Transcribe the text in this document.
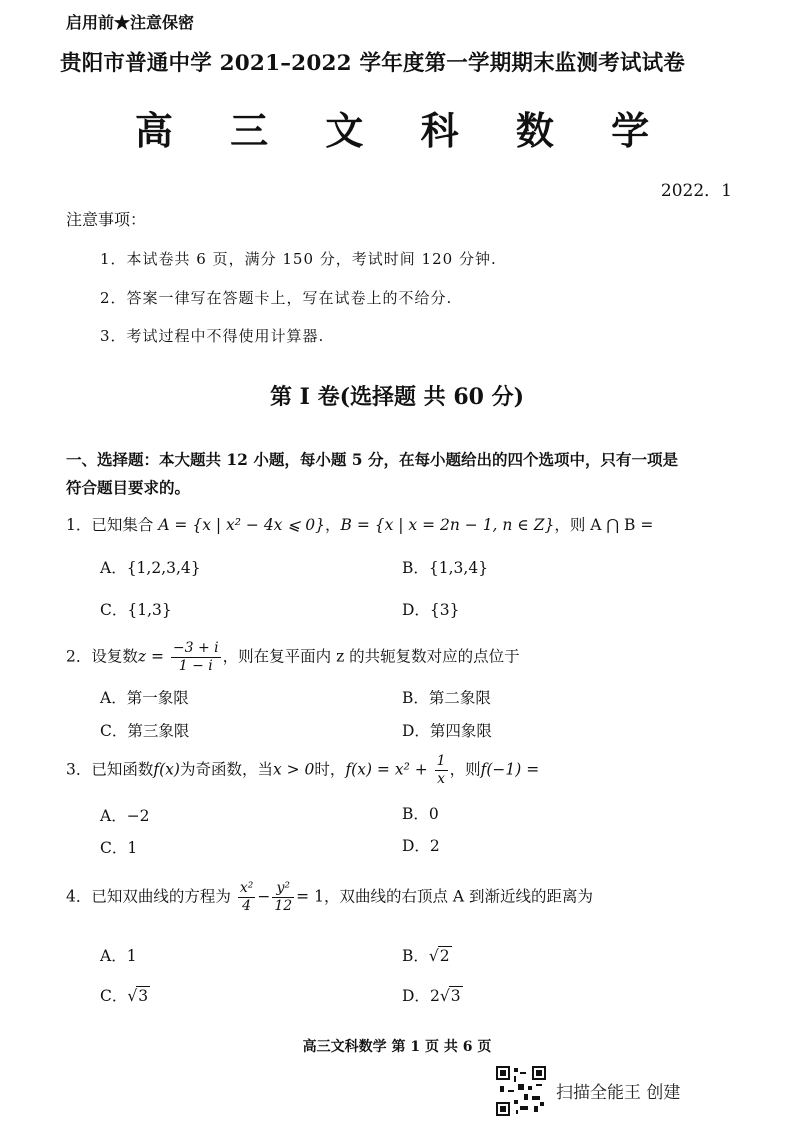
启用前★注意保密
贵阳市普通中学 2021–2022 学年度第一学期期末监测考试试卷
高 三 文 科 数 学
2022．1
注意事项：
1．本试卷共 6 页，满分 150 分，考试时间 120 分钟.
2．答案一律写在答题卡上，写在试卷上的不给分.
3．考试过程中不得使用计算器.
第 I 卷(选择题 共 60 分)
一、选择题：本大题共 12 小题，每小题 5 分，在每小题给出的四个选项中，只有一项是
符合题目要求的。
1．已知集合 A = {x | x² − 4x ⩽ 0}，B = {x | x = 2n − 1, n ∈ Z}，则 A ⋂ B =
A．{1,2,3,4}	B．{1,3,4}
C．{1,3}	D．{3}
2．设复数$z = \frac{-3 + i}{1 - i}$ ，则在复平面内 z 的共轭复数对应的点位于
A．第一象限	B．第二象限
C．第三象限	D．第四象限
3．已知函数f(x)为奇函数，当x > 0时，$f(x) = x^2 + \frac{1}{x}$ ，则f(−1) =
A．−2	B．0
C．1	D．2
4．已知双曲线的方程为 $\frac{\text{x²}}{4} - \frac{\text{y²}}{12} = 1$，双曲线的右顶点 A 到渐近线的距离为
A．1	B．√2
C．√3	D．2√3
高三文科数学 第 1 页 共 6 页
扫描全能王 创建
